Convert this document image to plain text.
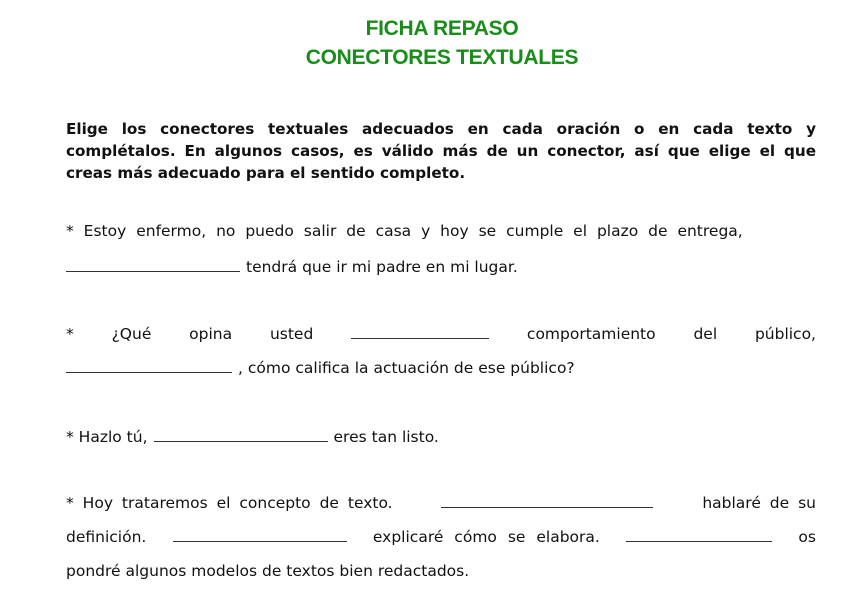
FICHA REPASO
CONECTORES TEXTUALES
Elige los conectores textuales adecuados en cada oración o en cada texto y complétalos. En algunos casos, es válido más de un conector, así que elige el que creas más adecuado para el sentido completo.
* Estoy enfermo, no puedo salir de casa y hoy se cumple el plazo de entrega,
tendrá que ir mi padre en mi lugar.
* ¿Qué opina usted	comportamiento del público,
, cómo califica la actuación de ese público?
* Hazlo tú,	eres tan listo.
* Hoy trataremos el concepto de texto.	hablaré de su
definición.	explicaré cómo se elabora.	os
pondré algunos modelos de textos bien redactados.
